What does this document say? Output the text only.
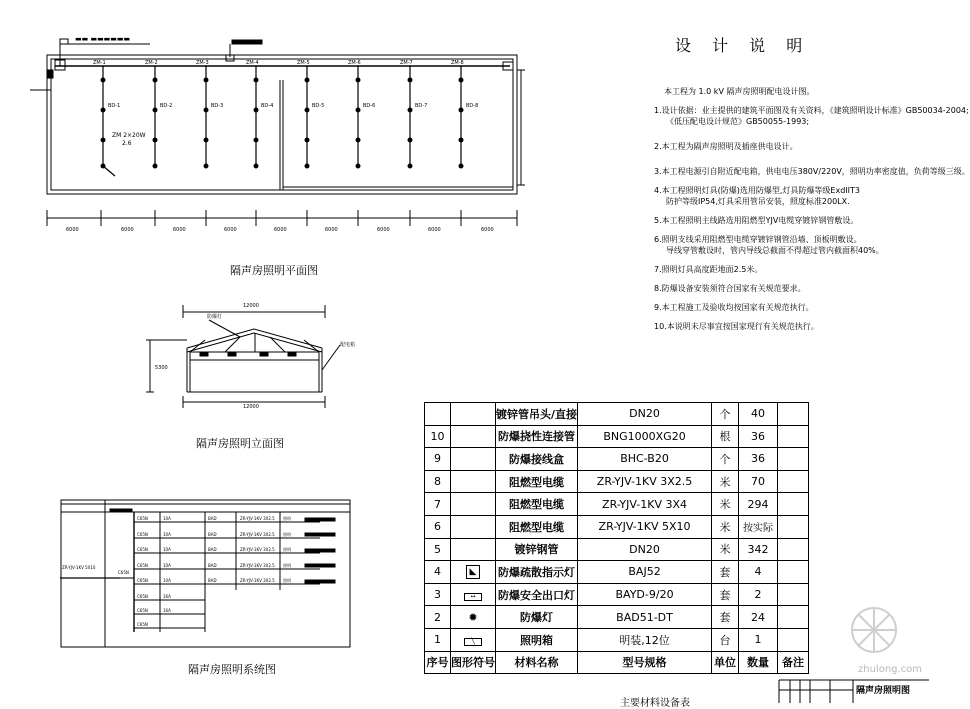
▬▬ ▬▬▬▬▬▬
隔声房照明平面图
隔声房照明立面图
隔声房照明系统图
ZM-1	ZM-2	ZM-3	ZM-4	ZM-5	ZM-6	ZM-7	ZM-8
BD-1	BD-2	BD-3	BD-4	BD-5	BD-6	BD-7	BD-8
ZM 2×20W
2.6
6000	6000	6000	6000	6000	6000	6000	6000	6000
12000
12000
5300
防爆灯
配电箱
ZR-YJV-1KV 5X10
C65N
C65N	10A	BAD	ZR-YJV-1KV 3X2.5 照明
C65N	10A	BAD	ZR-YJV-1KV 3X2.5 照明
C65N	10A	BAD	ZR-YJV-1KV 3X2.5 照明
C65N	10A	BAD	ZR-YJV-1KV 3X2.5 照明
C65N	10A	BAD	ZR-YJV-1KV 3X2.5 照明
C65N	16A
C65N	16A
C65N
设 计 说 明
本工程为 1.0 kV 隔声房照明配电设计图。
1.设计依据：业主提供的建筑平面图及有关资料，《建筑照明设计标准》GB50034-2004;
《低压配电设计规范》GB50055-1993;
2.本工程为隔声房照明及插座供电设计。
3.本工程电源引自附近配电箱，供电电压380V/220V，照明功率密度值，负荷等级三级。
4.本工程照明灯具(防爆)选用防爆型,灯具防爆等级ExdIIT3
防护等级IP54,灯具采用管吊安装，照度标准200LX.
5.本工程照明主线路选用阻燃型YJV电缆穿镀锌钢管敷设。
6.照明支线采用阻燃型电缆穿镀锌钢管沿墙、顶板明敷设。
导线穿管敷设时，管内导线总截面不得超过管内截面积40%。
7.照明灯具高度距地面2.5米。
8.防爆设备安装须符合国家有关规范要求。
9.本工程施工及验收均按国家有关规范执行。
10.本说明未尽事宜按国家现行有关规范执行。
		镀锌管吊头/直接	DN20	个	40	
10		防爆挠性连接管	BNG1000XG20	根	36	
9		防爆接线盒	BHC-B20	个	36	
8		阻燃型电缆	ZR-YJV-1KV 3X2.5	米	70	
7		阻燃型电缆	ZR-YJV-1KV 3X4	米	294	
6		阻燃型电缆	ZR-YJV-1KV 5X10	米	按实际	
5		镀锌钢管	DN20	米	342	
4	◣	防爆疏散指示灯	BAJ52	套	4	
3	↔	防爆安全出口灯	BAYD-9/20	套	2	
2	✹	防爆灯	BAD51-DT	套	24	
1	╲	照明箱	明装,12位	台	1	
序号	图形符号	材料名称	型号规格	单位	数量	备注
主要材料设备表
隔声房照明图
zhulong.com
